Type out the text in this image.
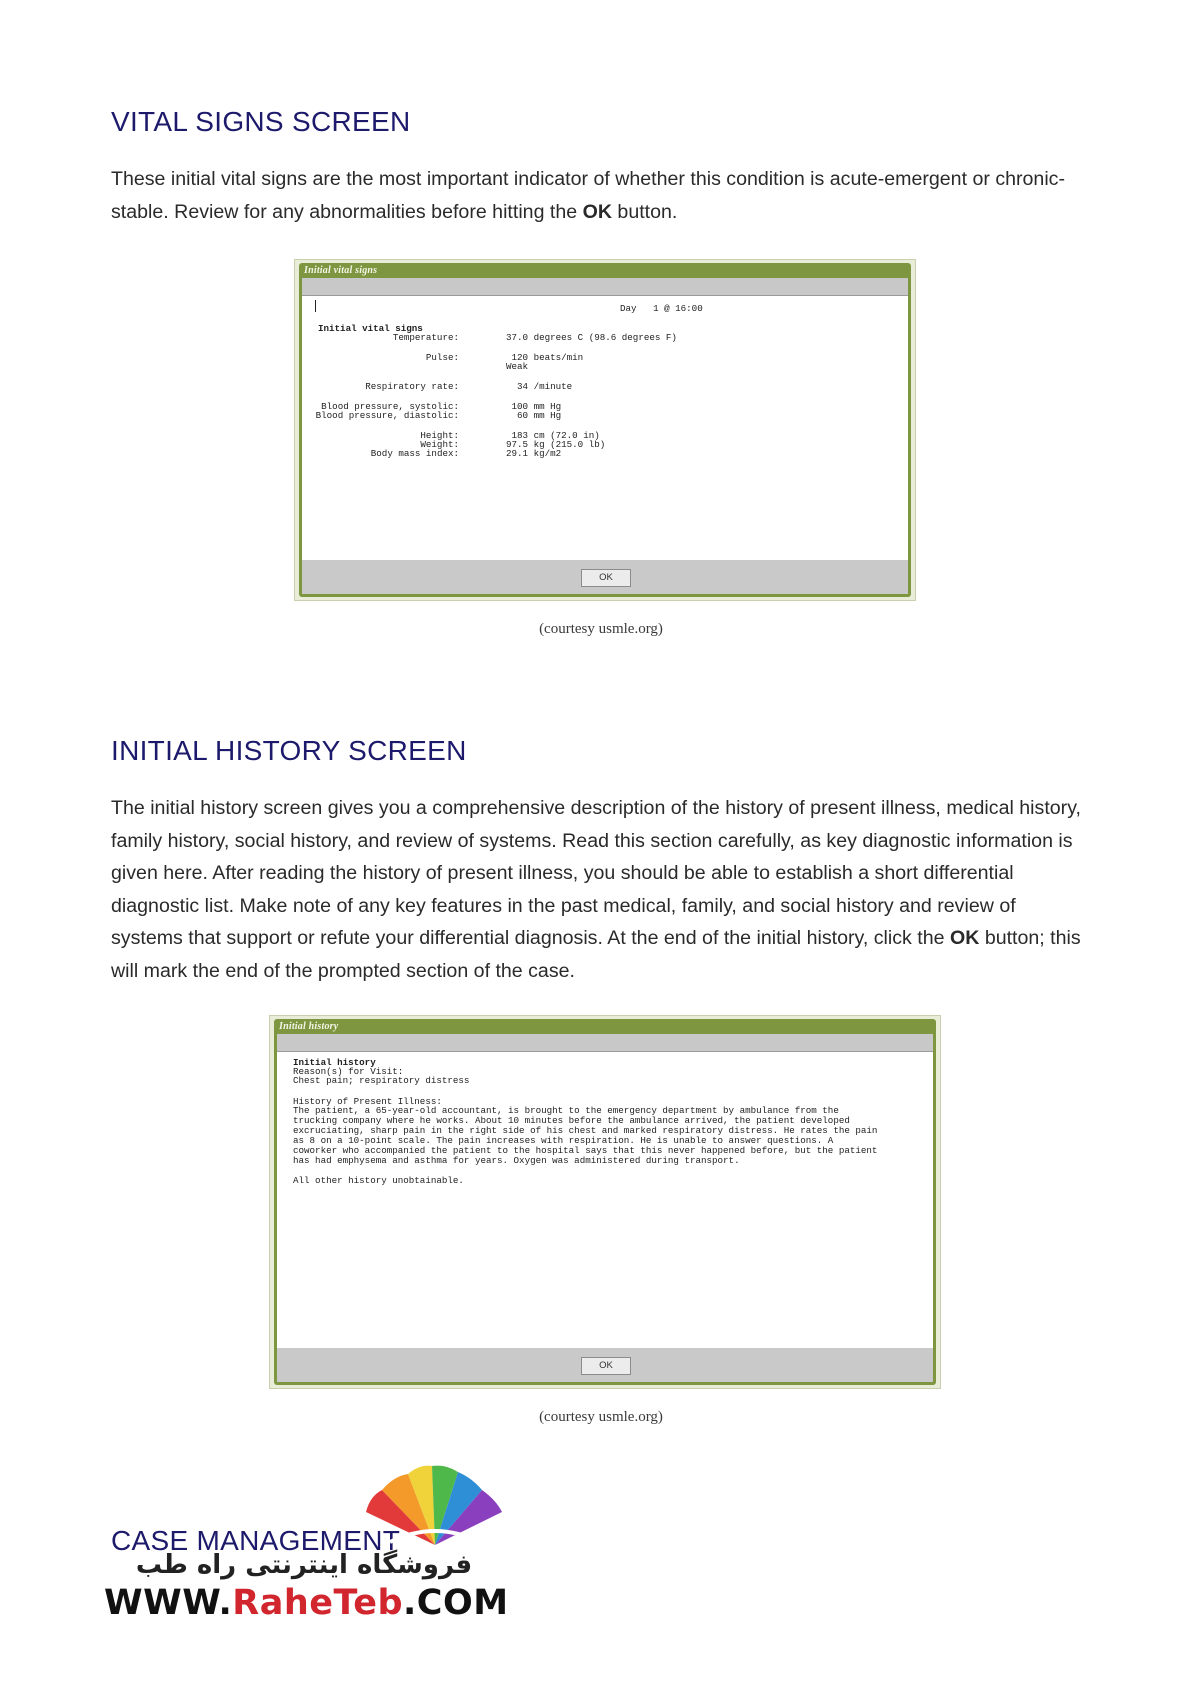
VITAL SIGNS SCREEN

These initial vital signs are the most important indicator of whether this condition is acute-emergent or chronic-stable. Review for any abnormalities before hitting the OK button.

Initial vital signs

Day   1 @ 16:00

Initial vital signs

Temperature:

	37.0 degrees C (98.6 degrees F)

Pulse:

	120 beats/min

Weak

Respiratory rate:

	34 /minute

Blood pressure, systolic:

	100 mm Hg

Blood pressure, diastolic:

	60 mm Hg

Height:

	183 cm (72.0 in)

Weight:

	97.5 kg (215.0 lb)

Body mass index:

	29.1 kg/m2

OK
(courtesy usmle.org)
INITIAL HISTORY SCREEN

The initial history screen gives you a comprehensive description of the history of present illness, medical history, family history, social history, and review of systems. Read this section carefully, as key diagnostic information is given here. After reading the history of present illness, you should be able to establish a short differential diagnostic list. Make note of any key features in the past medical, family, and social history and review of systems that support or refute your differential diagnosis. At the end of the initial history, click the OK button; this will mark the end of the prompted section of the case.

Initial history

Initial history

Reason(s) for Visit:

Chest pain; respiratory distress

History of Present Illness:

The patient, a 65-year-old accountant, is brought to the emergency department by ambulance from the

trucking company where he works. About 10 minutes before the ambulance arrived, the patient developed

excruciating, sharp pain in the right side of his chest and marked respiratory distress. He rates the pain

as 8 on a 10-point scale. The pain increases with respiration. He is unable to answer questions. A

coworker who accompanied the patient to the hospital says that this never happened before, but the patient

has had emphysema and asthma for years. Oxygen was administered during transport.

All other history unobtainable.

OK
(courtesy usmle.org)
CASE MANAGEMENT
فروشگاه اینترنتی راه طب
WWW.RaheTeb.COM
